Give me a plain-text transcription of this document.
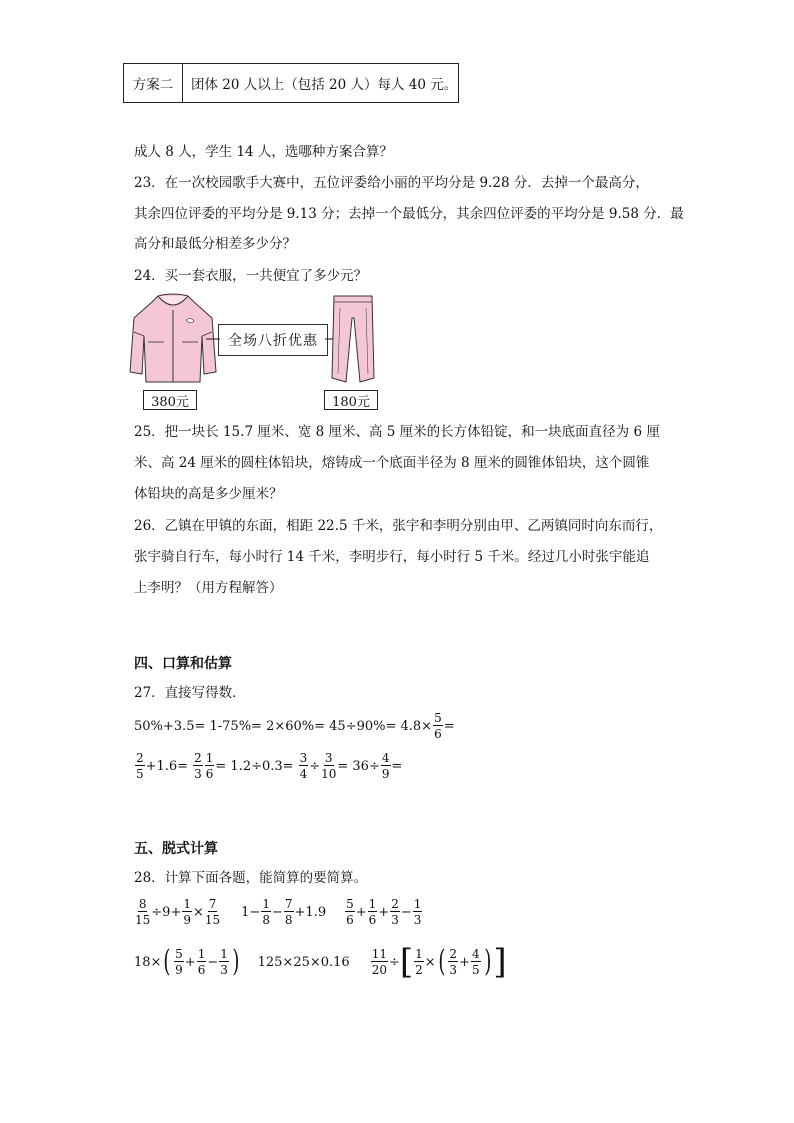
方案二	团体 20 人以上（包括 20 人）每人 40 元。
成人 8 人，学生 14 人，选哪种方案合算？
23．在一次校园歌手大赛中，五位评委给小丽的平均分是 9.28 分．去掉一个最高分，
其余四位评委的平均分是 9.13 分；去掉一个最低分，其余四位评委的平均分是 9.58 分．最
高分和最低分相差多少分？
24．买一套衣服，一共便宜了多少元？
380元
全场八折优惠
180元
25．把一块长 15.7 厘米、宽 8 厘米、高 5 厘米的长方体铅锭，和一块底面直径为 6 厘
米、高 24 厘米的圆柱体铅块，熔铸成一个底面半径为 8 厘米的圆锥体铅块，这个圆锥
体铅块的高是多少厘米？
26．乙镇在甲镇的东面，相距 22.5 千米，张宇和李明分别由甲、乙两镇同时向东而行，
张宇骑自行车，每小时行 14 千米，李明步行，每小时行 5 千米。经过几小时张宇能追
上李明？（用方程解答）
四、口算和估算
27．直接写得数．
$50\%+3.5= 1-75\%= 2\times 60\%= 45\div 90\%= 4.8\times \frac{5}{6}$ =
$\frac{2}{5} +1.6= \frac{2}{3} \frac{1}{6} = 1.2\div 0.3= \frac{3}{4} \div \frac{3}{10} = 36\div \frac{4}{9}$ =
五、脱式计算
28．计算下面各题，能简算的要简算。
$\frac{8}{15} \div 9+ \frac{1}{9} \times \frac{7}{15} 1- \frac{1}{8} - \frac{7}{8} +1.9 \frac{5}{6} + \frac{1}{6} + \frac{2}{3} - \frac{1}{3}$
18× ( $\frac{5}{9} + \frac{1}{6} - \frac{1}{3}$ ) $125\times 25\times 0.16 \frac{11}{20}$ ÷ [ $\frac{1}{2}$ × ( $\frac{2}{3} + \frac{4}{5}$ ) ]
